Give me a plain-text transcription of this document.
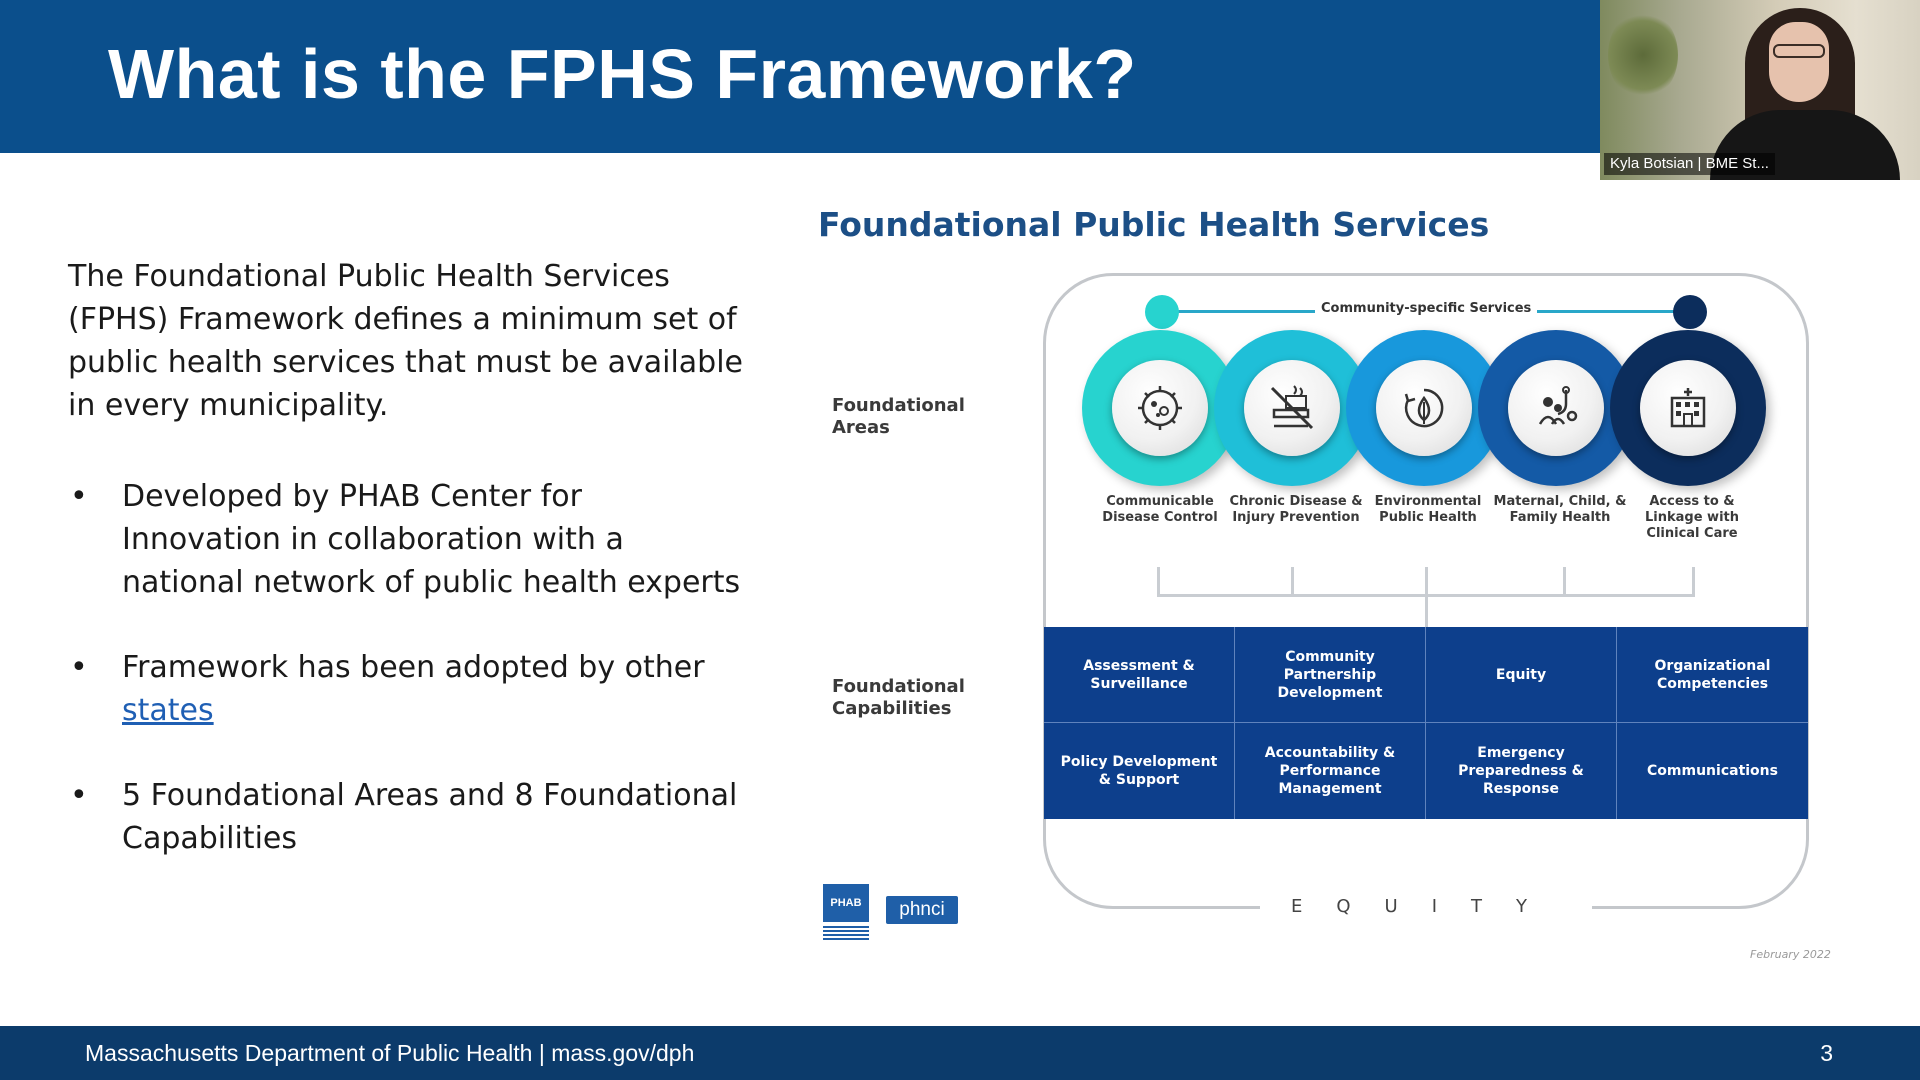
What is the FPHS Framework?
Kyla Botsian | BME St...

The Foundational Public Health Services (FPHS) Framework defines a minimum set of public health services that must be available in every municipality.

• Developed by PHAB Center for Innovation in collaboration with a national network of public health experts
• Framework has been adopted by other states
• 5 Foundational Areas and 8 Foundational Capabilities
Foundational Public Health Services
Foundational Areas
Foundational Capabilities
Community-specific Services
Communicable Disease Control
Chronic Disease & Injury Prevention
Environmental Public Health
Maternal, Child, & Family Health
Access to & Linkage with Clinical Care
Assessment & Surveillance
Community Partnership Development
Equity
Organizational Competencies
Policy Development & Support
Accountability & Performance Management
Emergency Preparedness & Response
Communications
EQUITY
PHAB	phnci
February 2022
Massachusetts Department of Public Health | mass.gov/dph	3
